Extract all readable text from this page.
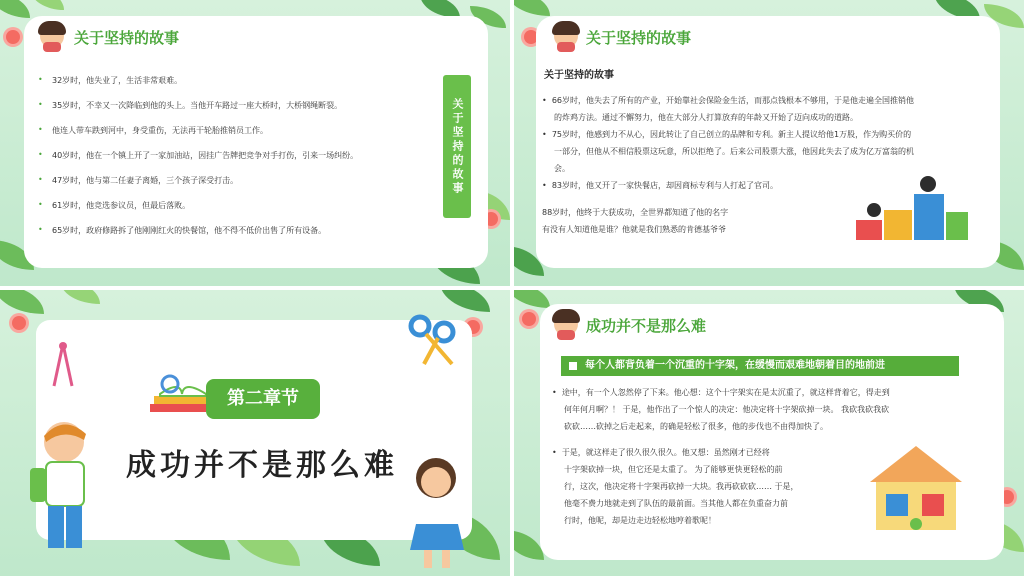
关于坚持的故事
• 32岁时，他失业了，生活非常艰难。
• 35岁时，不幸又一次降临到他的头上。当他开车路过一座大桥时，大桥钢绳断裂。
• 他连人带车跌到河中，身受重伤，无法再干轮胎推销员工作。
• 40岁时，他在一个镇上开了一家加油站，因挂广告牌把竞争对手打伤，引来一场纠纷。
• 47岁时，他与第二任妻子离婚，三个孩子深受打击。
• 61岁时，他竞选参议员，但最后落败。
• 65岁时，政府修路拆了他刚刚红火的快餐馆，他不得不低价出售了所有设备。
关于坚持的故事
关于坚持的故事
关于坚持的故事
•  66岁时，他失去了所有的产业，开始靠社会保险金生活，而那点钱根本不够用，于是他走遍全国推销他
的炸鸡方法。通过不懈努力，他在大部分人打算放弃的年龄又开始了迈向成功的道路。
•  75岁时，他感到力不从心，因此转让了自己创立的品牌和专利。新主人提议给他1万股，作为购买价的
一部分，但他从不相信股票这玩意，所以拒绝了。后来公司股票大涨，他因此失去了成为亿万富翁的机
会。
•  83岁时，他又开了一家快餐店，却因商标专利与人打起了官司。
88岁时，他终于大获成功，全世界都知道了他的名字
有没有人知道他是谁？他就是我们熟悉的肯德基爷爷
第二章节
成功并不是那么难
成功并不是那么难
•  途中，有一个人忽然停了下来。他心想：这个十字架实在是太沉重了，就这样背着它，得走到
何年何月啊？！ 于是，他作出了一个惊人的决定：他决定将十字架砍掉一块。 我砍我砍我砍
砍砍……砍掉之后走起来，的确是轻松了很多，他的步伐也不由得加快了。
•  于是，就这样走了很久很久很久。他又想：虽然刚才已经将
十字架砍掉一块，但它还是太重了。 为了能够更快更轻松的前
行，这次，他决定将十字架再砍掉一大块。我再砍砍砍…… 于是，
他毫不费力地就走到了队伍的最前面。当其他人都在负重奋力前
行时，他呢，却是边走边轻松地哼着歌呢！
每个人都背负着一个沉重的十字架，在缓慢而艰难地朝着目的地前进
